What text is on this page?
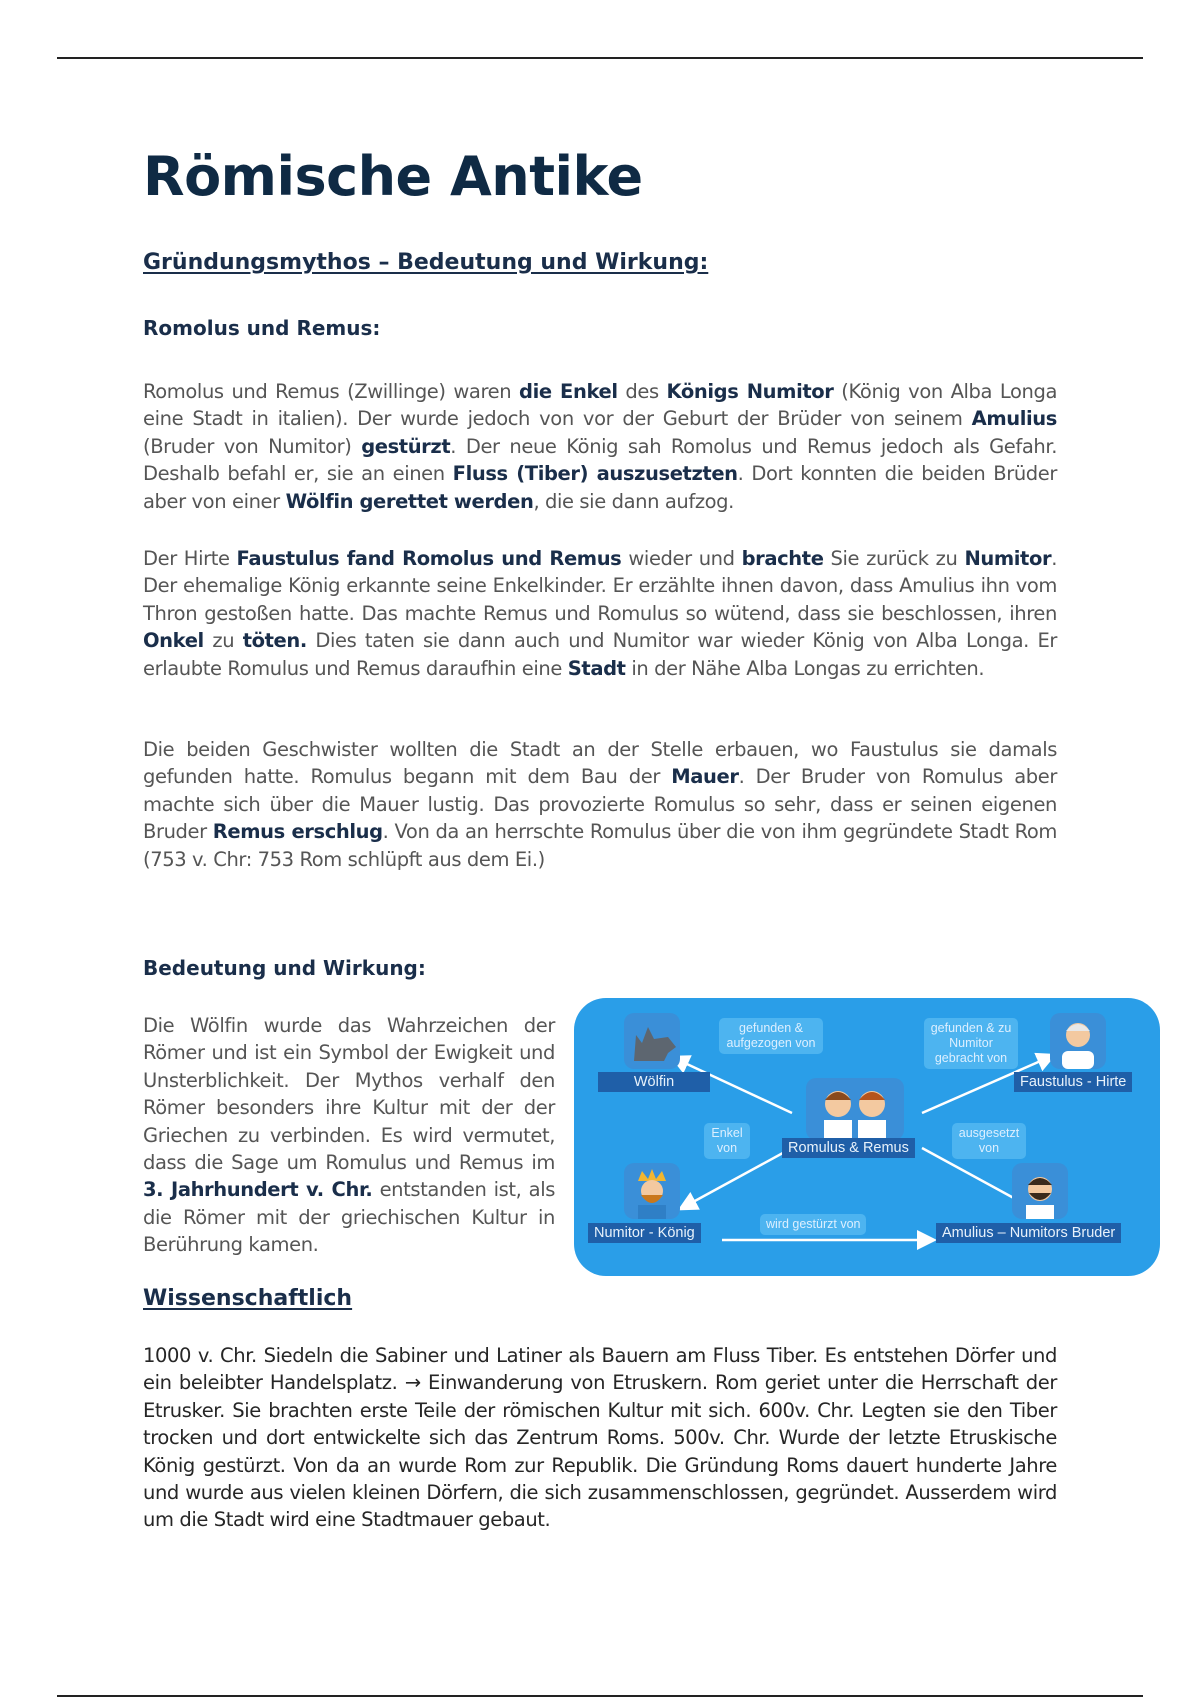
Römische Antike
Gründungsmythos – Bedeutung und Wirkung:
Romolus und Remus:

Romolus und Remus (Zwillinge) waren die Enkel des Königs Numitor (König von Alba Longa eine Stadt in italien). Der wurde jedoch von vor der Geburt der Brüder von seinem Amulius (Bruder von Numitor) gestürzt. Der neue König sah Romolus und Remus jedoch als Gefahr. Deshalb befahl er, sie an einen Fluss (Tiber) auszusetzten. Dort konnten die beiden Brüder aber von einer Wölfin gerettet werden, die sie dann aufzog.

Der Hirte Faustulus fand Romolus und Remus wieder und brachte Sie zurück zu Numitor. Der ehemalige König erkannte seine Enkelkinder. Er erzählte ihnen davon, dass Amulius ihn vom Thron gestoßen hatte. Das machte Remus und Romulus so wütend, dass sie beschlossen, ihren Onkel zu töten. Dies taten sie dann auch und Numitor war wieder König von Alba Longa. Er erlaubte Romulus und Remus daraufhin eine Stadt in der Nähe Alba Longas zu errichten.

Die beiden Geschwister wollten die Stadt an der Stelle erbauen, wo Faustulus sie damals gefunden hatte. Romulus begann mit dem Bau der Mauer. Der Bruder von Romulus aber machte sich über die Mauer lustig. Das provozierte Romulus so sehr, dass er seinen eigenen Bruder Remus erschlug. Von da an herrschte Romulus über die von ihm gegründete Stadt Rom (753 v. Chr: 753 Rom schlüpft aus dem Ei.)

Bedeutung und Wirkung:

Die Wölfin wurde das Wahrzeichen der Römer und ist ein Symbol der Ewigkeit und Unsterblichkeit. Der Mythos verhalf den Römer besonders ihre Kultur mit der der Griechen zu verbinden. Es wird vermutet, dass die Sage um Romulus und Remus im 3. Jahrhundert v. Chr. entstanden ist, als die Römer mit der griechischen Kultur in Berührung kamen.

Wissenschaftlich

1000 v. Chr. Siedeln die Sabiner und Latiner als Bauern am Fluss Tiber. Es entstehen Dörfer und ein beleibter Handelsplatz. → Einwanderung von Etruskern. Rom geriet unter die Herrschaft der Etrusker. Sie brachten erste Teile der römischen Kultur mit sich. 600v. Chr. Legten sie den Tiber trocken und dort entwickelte sich das Zentrum Roms. 500v. Chr. Wurde der letzte Etruskische König gestürzt. Von da an wurde Rom zur Republik. Die Gründung Roms dauert hunderte Jahre und wurde aus vielen kleinen Dörfern, die sich zusammenschlossen, gegründet. Ausserdem wird um die Stadt wird eine Stadtmauer gebaut.

Wölfin	Faustulus - Hirte
Romulus & Remus
Numitor - König	Amulius – Numitors Bruder
gefunden & aufgezogen von
gefunden & zu Numitor gebracht von
Enkel von
ausgesetzt von
wird gestürzt von
